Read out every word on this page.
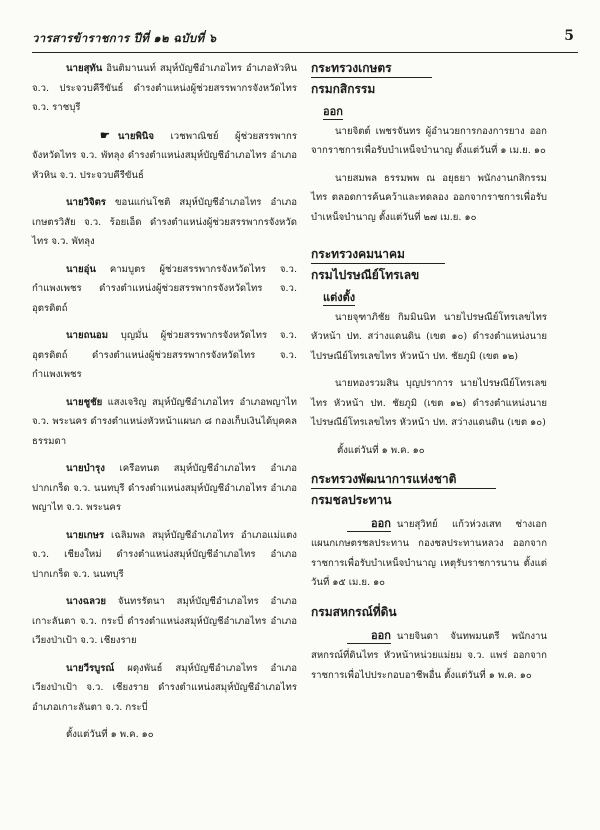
วารสารข้าราชการ ปีที่ ๑๒ ฉบับที่ ๖	5

นายสุทัน อินติมานนท์ สมุห์บัญชีอำเภอไทร อำเภอหัวหิน จ.ว. ประจวบคีรีขันธ์ ดำรงตำแหน่งผู้ช่วยสรรพากรจังหวัดไทร จ.ว. ราชบุรี

☛ นายพินิจ เวชพาณิชย์ ผู้ช่วยสรรพากรจังหวัดไทร จ.ว. พัทลุง ดำรงตำแหน่งสมุห์บัญชีอำเภอไทร อำเภอหัวหิน จ.ว. ประจวบคีรีขันธ์

นายวิจิตร ขอนแก่นโชติ สมุห์บัญชีอำเภอไทร อำเภอเกษตรวิสัย จ.ว. ร้อยเอ็ด ดำรงตำแหน่งผู้ช่วยสรรพากรจังหวัดไทร จ.ว. พัทลุง

นายอุ่น คามบูตร ผู้ช่วยสรรพากรจังหวัดไทร จ.ว. กำแพงเพชร ดำรงตำแหน่งผู้ช่วยสรรพากรจังหวัดไทร จ.ว. อุตรดิตถ์

นายถนอม บุญมั่น ผู้ช่วยสรรพากรจังหวัดไทร จ.ว. อุตรดิตถ์ ดำรงตำแหน่งผู้ช่วยสรรพากรจังหวัดไทร จ.ว. กำแพงเพชร

นายชูชัย แสงเจริญ สมุห์บัญชีอำเภอไทร อำเภอพญาไท จ.ว. พระนคร ดำรงตำแหน่งหัวหน้าแผนก ๘ กองเก็บเงินได้บุคคลธรรมดา

นายบำรุง เครือทนต สมุห์บัญชีอำเภอไทร อำเภอปากเกร็ด จ.ว. นนทบุรี ดำรงตำแหน่งสมุห์บัญชีอำเภอไทร อำเภอพญาไท จ.ว. พระนคร

นายเกษร เฉลิมพล สมุห์บัญชีอำเภอไทร อำเภอแม่แตง จ.ว. เชียงใหม่ ดำรงตำแหน่งสมุห์บัญชีอำเภอไทร อำเภอปากเกร็ด จ.ว. นนทบุรี

นางฉลวย จันทรรัตนา สมุห์บัญชีอำเภอไทร อำเภอเกาะลันตา จ.ว. กระบี่ ดำรงตำแหน่งสมุห์บัญชีอำเภอไทร อำเภอเวียงป่าเป้า จ.ว. เชียงราย

นายวีรบูรณ์ ผดุงพันธ์ สมุห์บัญชีอำเภอไทร อำเภอเวียงป่าเป้า จ.ว. เชียงราย ดำรงตำแหน่งสมุห์บัญชีอำเภอไทร อำเภอเกาะลันตา จ.ว. กระบี่

ตั้งแต่วันที่ ๑ พ.ค. ๑๐
กระทรวงเกษตร
กรมกสิกรรม
ออก

นายจิตต์ เพชรจันทร ผู้อำนวยการกองการยาง ออกจากราชการเพื่อรับบำเหน็จบำนาญ ตั้งแต่วันที่ ๑ เม.ย. ๑๐

นายสมพล ธรรมพพ ณ อยุธยา พนักงานกสิกรรมไทร ตลอดการค้นคว้าและทดลอง ออกจากราชการเพื่อรับบำเหน็จบำนาญ ตั้งแต่วันที่ ๒๗ เม.ย. ๑๐

กระทรวงคมนาคม
กรมไปรษณีย์โทรเลข
แต่งตั้ง

นายจุฑาภิชัย กิมมินนิท นายไปรษณีย์โทรเลขไทร หัวหน้า ปท. สว่างแดนดิน (เขต ๑๐) ดำรงตำแหน่งนายไปรษณีย์โทรเลขไทร หัวหน้า ปท. ชัยภูมิ (เขต ๑๒)

นายทองรวมสิน บุญปราการ นายไปรษณีย์โทรเลขไทร หัวหน้า ปท. ชัยภูมิ (เขต ๑๒) ดำรงตำแหน่งนายไปรษณีย์โทรเลขไทร หัวหน้า ปท. สว่างแดนดิน (เขต ๑๐)

ตั้งแต่วันที่ ๑ พ.ค. ๑๐
กระทรวงพัฒนาการแห่งชาติ
กรมชลประทาน

ออก นายสุวิทย์ แก้วห่วงเสท ช่างเอก แผนกเกษตรชลประทาน กองชลประทานหลวง ออกจากราชการเพื่อรับบำเหน็จบำนาญ เหตุรับราชการนาน ตั้งแต่วันที่ ๑๕ เม.ย. ๑๐

กรมสหกรณ์ที่ดิน

ออก นายจินดา จันทพมนตรี พนักงานสหกรณ์ที่ดินไทร หัวหน้าหน่วยแม่ยม จ.ว. แพร่ ออกจากราชการเพื่อไปประกอบอาชีพอื่น ตั้งแต่วันที่ ๑ พ.ค. ๑๐
